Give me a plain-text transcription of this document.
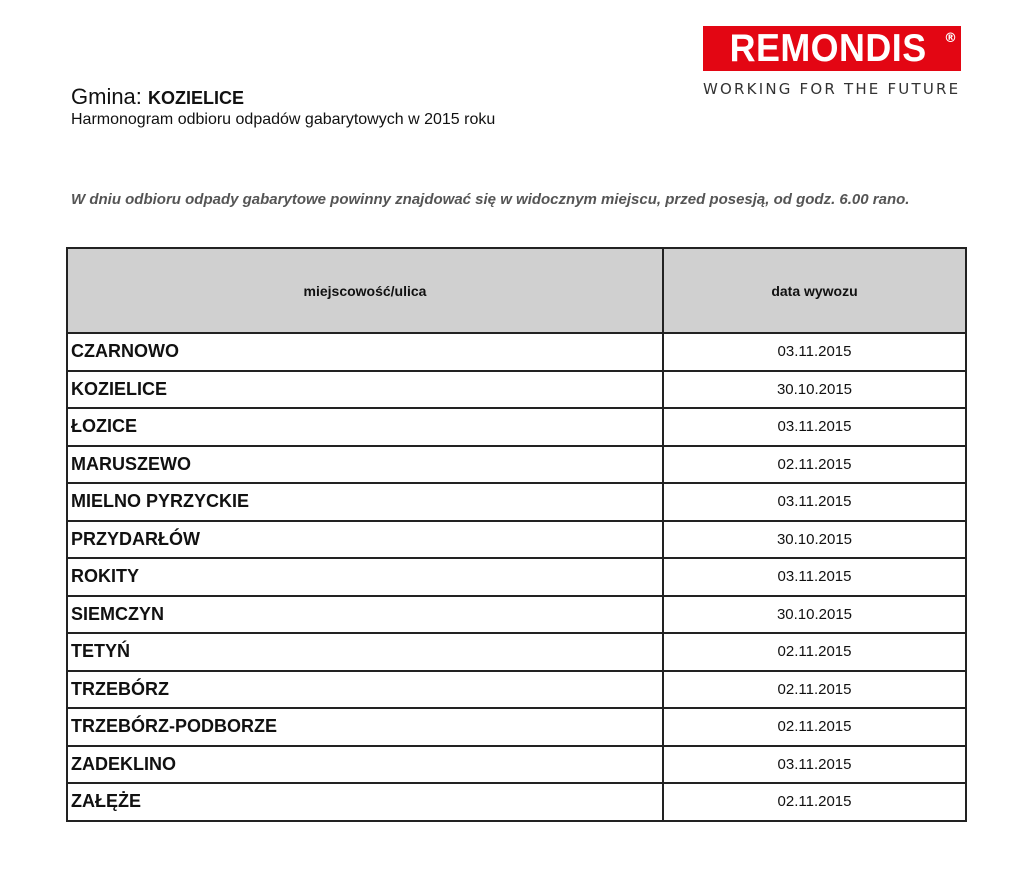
REMONDIS ®
WORKING FOR THE FUTURE
Gmina: KOZIELICE
Harmonogram odbioru odpadów gabarytowych w 2015 roku
W dniu odbioru odpady gabarytowe powinny znajdować się w widocznym miejscu, przed posesją, od godz. 6.00 rano.
miejscowość/ulica	data wywozu
CZARNOWO	03.11.2015
KOZIELICE	30.10.2015
ŁOZICE	03.11.2015
MARUSZEWO	02.11.2015
MIELNO PYRZYCKIE	03.11.2015
PRZYDARŁÓW	30.10.2015
ROKITY	03.11.2015
SIEMCZYN	30.10.2015
TETYŃ	02.11.2015
TRZEBÓRZ	02.11.2015
TRZEBÓRZ-PODBORZE	02.11.2015
ZADEKLINO	03.11.2015
ZAŁĘŻE	02.11.2015
